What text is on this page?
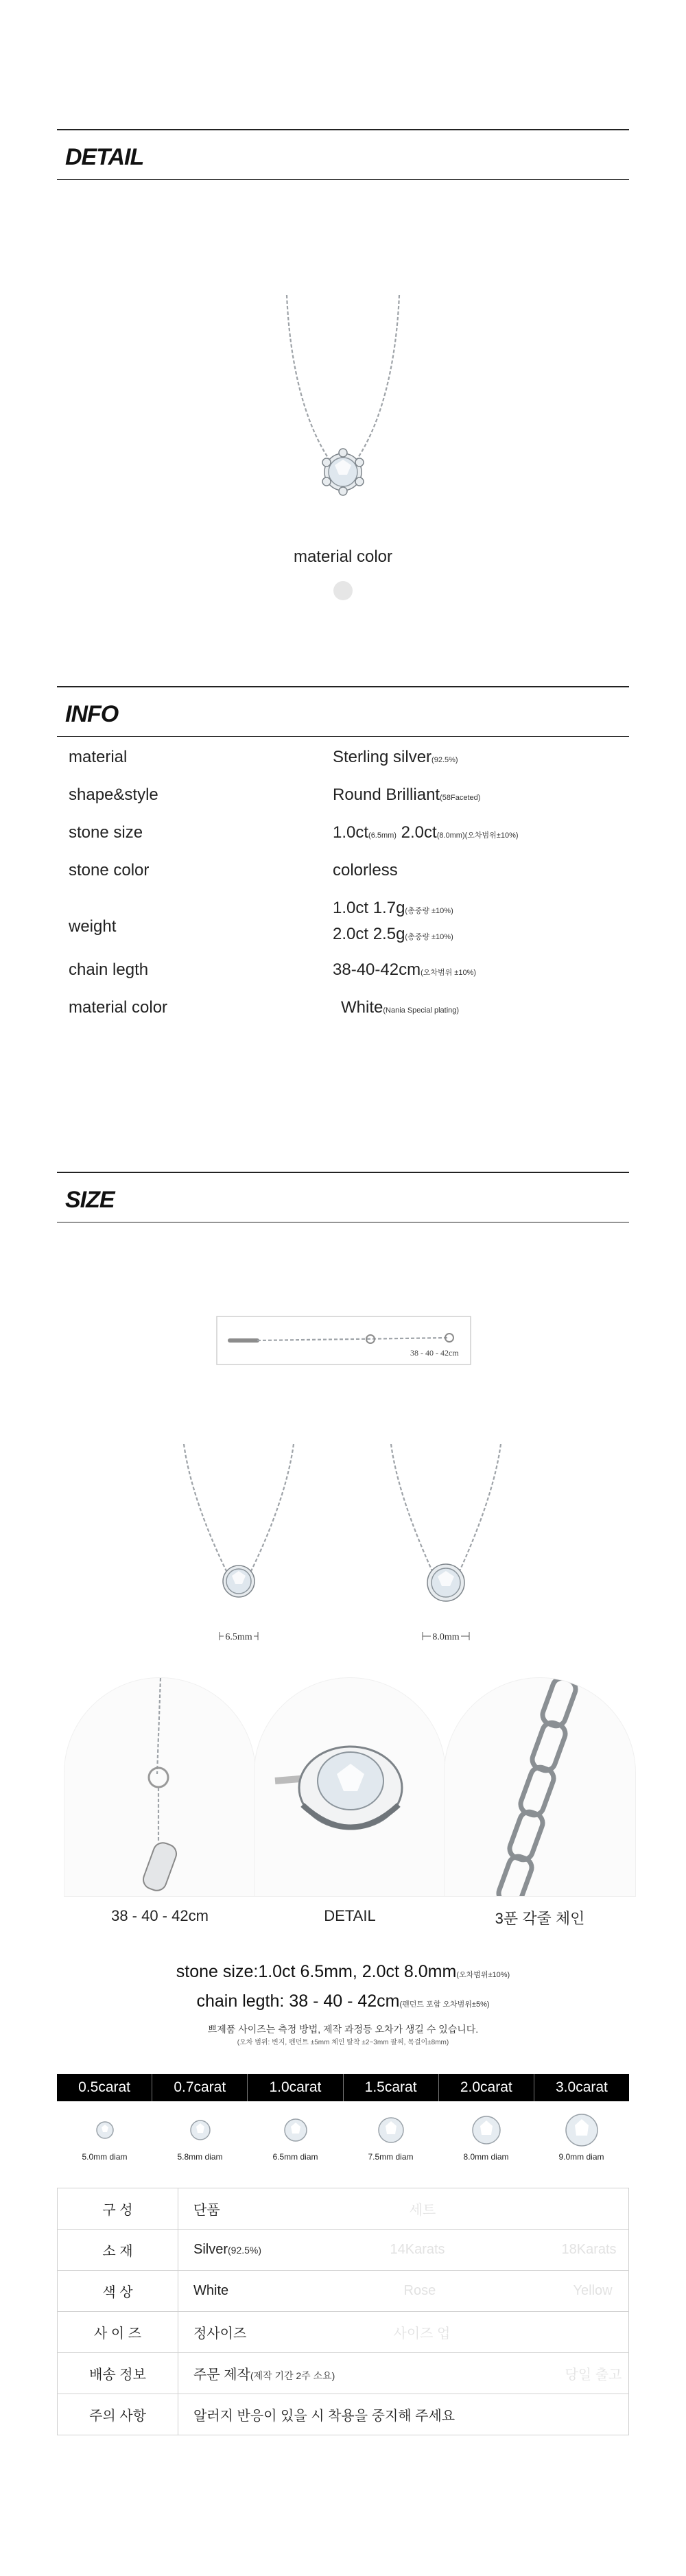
DETAIL
material color
INFO
material	Sterling silver(92.5%)
shape&style	Round Brilliant(58Faceted)
stone size	1.0ct(6.5mm) 2.0ct(8.0mm)(오차범위±10%)
stone color	colorless
weight
1.0ct 1.7g(총중량 ±10%)
2.0ct 2.5g(총중량 ±10%)
chain legth	38-40-42cm(오차범위 ±10%)
material color	White(Nania Special plating)
SIZE
38 - 40 - 42cm
6.5mm	8.0mm
38 - 40 - 42cm	DETAIL	3푼 각줄 체인
stone size:1.0ct 6.5mm, 2.0ct 8.0mm(오차범위±10%)
chain legth: 38 - 40 - 42cm(펜던트 포함 오차범위±5%)
쁘제품 사이즈는 측정 방법, 제작 과정등 오차가 생길 수 있습니다.
(오차 범위: 변지, 펜던트 ±5mm 체인 탈착 ±2~3mm 팔찌, 목걸이±8mm)
0.5carat	0.7carat	1.0carat	1.5carat	2.0carat	3.0carat
5.0mm diam	5.8mm diam	6.5mm diam	7.5mm diam	8.0mm diam	9.0mm diam
구 성	단품 세트

소 재	Silver(92.5%) 14Karats 18Karats

색 상	White Rose Yellow

사 이 즈	정사이즈 사이즈 업

배송 정보	주문 제작(제작 기간 2주 소요) 당일 출고

주의 사항	알러지 반응이 있을 시 착용을 중지해 주세요
